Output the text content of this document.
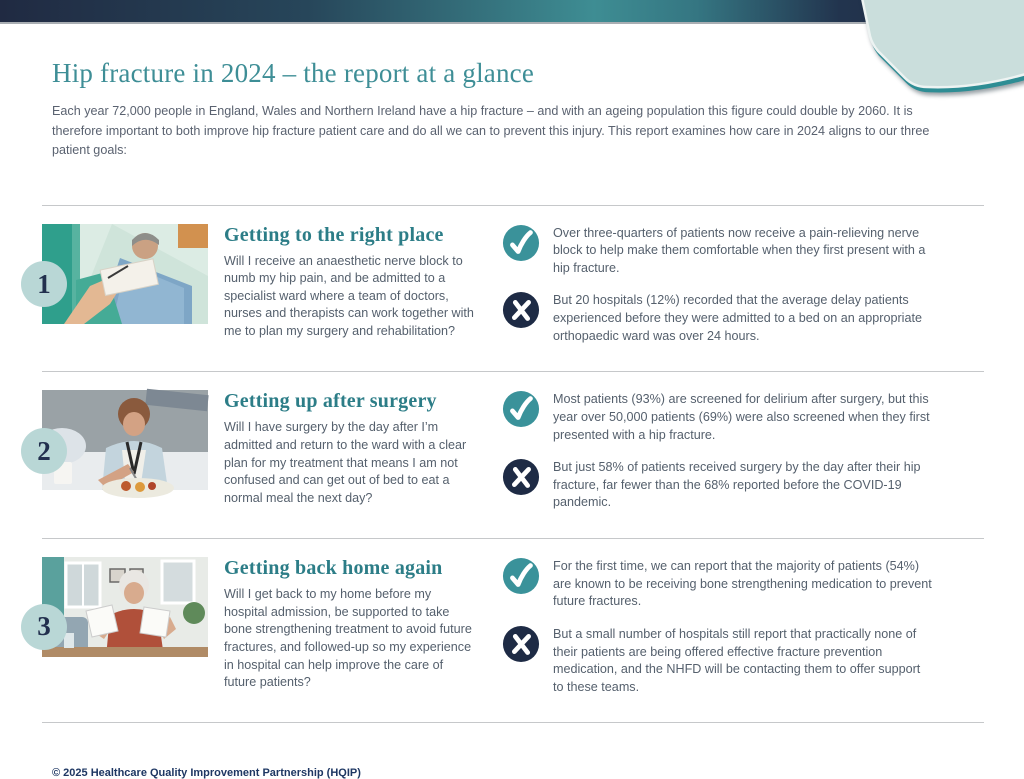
Hip fracture in 2024 – the report at a glance

Each year 72,000 people in England, Wales and Northern Ireland have a hip fracture – and with an ageing population this figure could double by 2060. It is therefore important to both improve hip fracture patient care and do all we can to prevent this injury. This report examines how care in 2024 aligns to our three patient goals:

1
Getting to the right place

Will I receive an anaesthetic nerve block to numb my hip pain, and be admitted to a specialist ward where a team of doctors, nurses and therapists can work together with me to plan my surgery and rehabilitation?

Over three-quarters of patients now receive a pain-relieving nerve block to help make them comfortable when they first present with a hip fracture.

But 20 hospitals (12%) recorded that the average delay patients experienced before they were admitted to a bed on an appropriate orthopaedic ward was over 24 hours.

2
Getting up after surgery

Will I have surgery by the day after I’m admitted and return to the ward with a clear plan for my treatment that means I am not confused and can get out of bed to eat a normal meal the next day?

Most patients (93%) are screened for delirium after surgery, but this year over 50,000 patients (69%) were also screened when they first presented with a hip fracture.

But just 58% of patients received surgery by the day after their hip fracture, far fewer than the 68% reported before the COVID-19 pandemic.

3
Getting back home again

Will I get back to my home before my hospital admission, be supported to take bone strengthening treatment to avoid future fractures, and followed-up so my experience in hospital can help improve the care of future patients?

For the first time, we can report that the majority of patients (54%) are known to be receiving bone strengthening medication to prevent future fractures.

But a small number of hospitals still report that practically none of their patients are being offered effective fracture prevention medication, and the NHFD will be contacting them to offer support to these teams.

© 2025 Healthcare Quality Improvement Partnership (HQIP)
